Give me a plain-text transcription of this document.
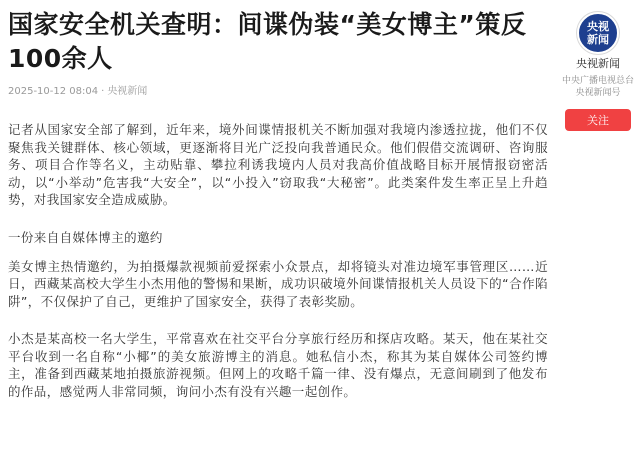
国家安全机关查明：间谍伪装“美女博主”策反100余人
2025-10-12 08:04 · 央视新闻

记者从国家安全部了解到，近年来，境外间谍情报机关不断加强对我境内渗透拉拢，他们不仅聚焦我关键群体、核心领域，更逐渐将目光广泛投向我普通民众。他们假借交流调研、咨询服务、项目合作等名义，主动贴靠、攀拉利诱我境内人员对我高价值战略目标开展情报窃密活动，以“小举动”危害我“大安全”，以“小投入”窃取我“大秘密”。此类案件发生率正呈上升趋势，对我国家安全造成威胁。

一份来自自媒体博主的邀约

美女博主热情邀约，为拍摄爆款视频前爱探索小众景点，却将镜头对准边境军事管理区……近日，西藏某高校大学生小杰用他的警惕和果断，成功识破境外间谍情报机关人员设下的“合作陷阱”，不仅保护了自己，更维护了国家安全，获得了表彰奖励。

小杰是某高校一名大学生，平常喜欢在社交平台分享旅行经历和探店攻略。某天，他在某社交平台收到一名自称“小椰”的美女旅游博主的消息。她私信小杰，称其为某自媒体公司签约博主，准备到西藏某地拍摄旅游视频。但网上的攻略千篇一律、没有爆点，无意间刷到了他发布的作品，感觉两人非常同频，询问小杰有没有兴趣一起创作。

央视
新闻
央视新闻
中央广播电视总台央视新闻号
关注
